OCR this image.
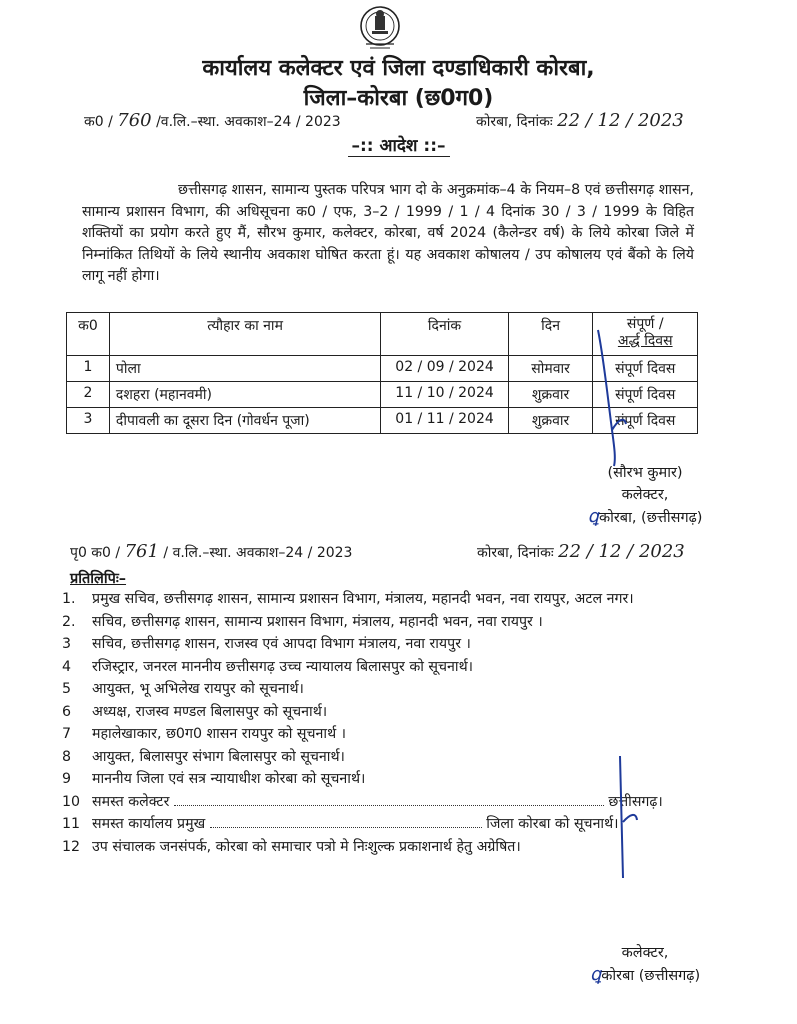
कार्यालय कलेक्टर एवं जिला दण्डाधिकारी कोरबा,
जिला–कोरबा (छ0ग0)
क0 / 760 /व.लि.–स्था. अवकाश–24 / 2023	कोरबा, दिनांकः 22 / 12 / 2023
–:: आदेश ::–

छत्तीसगढ़ शासन, सामान्य पुस्तक परिपत्र भाग दो के अनुक्रमांक–4 के नियम–8 एवं छत्तीसगढ़ शासन, सामान्य प्रशासन विभाग, की अधिसूचना क0 / एफ, 3–2 / 1999 / 1 / 4 दिनांक 30 / 3 / 1999 के विहित शक्तियों का प्रयोग करते हुए मैं, सौरभ कुमार, कलेक्टर, कोरबा, वर्ष 2024 (कैलेन्डर वर्ष) के लिये कोरबा जिले में निम्नांकित तिथियों के लिये स्थानीय अवकाश घोषित करता हूं। यह अवकाश कोषालय / उप कोषालय एवं बैंको के लिये लागू नहीं होगा।

क0	त्यौहार का नाम	दिनांक	दिन	संपूर्ण /
अर्द्ध दिवस
1	पोला	02 / 09 / 2024	सोमवार	संपूर्ण दिवस
2	दशहरा (महानवमी)	11 / 10 / 2024	शुक्रवार	संपूर्ण दिवस
3	दीपावली का दूसरा दिन (गोवर्धन पूजा)	01 / 11 / 2024	शुक्रवार	संपूर्ण दिवस
(सौरभ कुमार)
कलेक्टर,
ꝗकोरबा, (छत्तीसगढ़)
पृ0 क0 / 761 / व.लि.–स्था. अवकाश–24 / 2023	कोरबा, दिनांकः 22 / 12 / 2023
प्रतिलिपिः–
1.	प्रमुख सचिव, छत्तीसगढ़ शासन, सामान्य प्रशासन विभाग, मंत्रालय, महानदी भवन, नवा रायपुर, अटल नगर।
2.	सचिव, छत्तीसगढ़ शासन, सामान्य प्रशासन विभाग, मंत्रालय, महानदी भवन, नवा रायपुर ।
3	सचिव, छत्तीसगढ़ शासन, राजस्व एवं आपदा विभाग मंत्रालय, नवा रायपुर ।
4	रजिस्ट्रार, जनरल माननीय छत्तीसगढ़ उच्च न्यायालय बिलासपुर को सूचनार्थ।
5	आयुक्त, भू अभिलेख रायपुर को सूचनार्थ।
6	अध्यक्ष, राजस्व मण्डल बिलासपुर को सूचनार्थ।
7	महालेखाकार, छ0ग0 शासन रायपुर को सूचनार्थ ।
8	आयुक्त, बिलासपुर संभाग बिलासपुर को सूचनार्थ।
9	माननीय जिला एवं सत्र न्यायाधीश कोरबा को सूचनार्थ।
10 समस्त कलेक्टर	छत्तीसगढ़।
11 समस्त कार्यालय प्रमुख	जिला कोरबा को सूचनार्थ।
12 उप संचालक जनसंपर्क, कोरबा को समाचार पत्रो मे निःशुल्क प्रकाशनार्थ हेतु अग्रेषित।
कलेक्टर,
ꝗकोरबा (छत्तीसगढ़)
